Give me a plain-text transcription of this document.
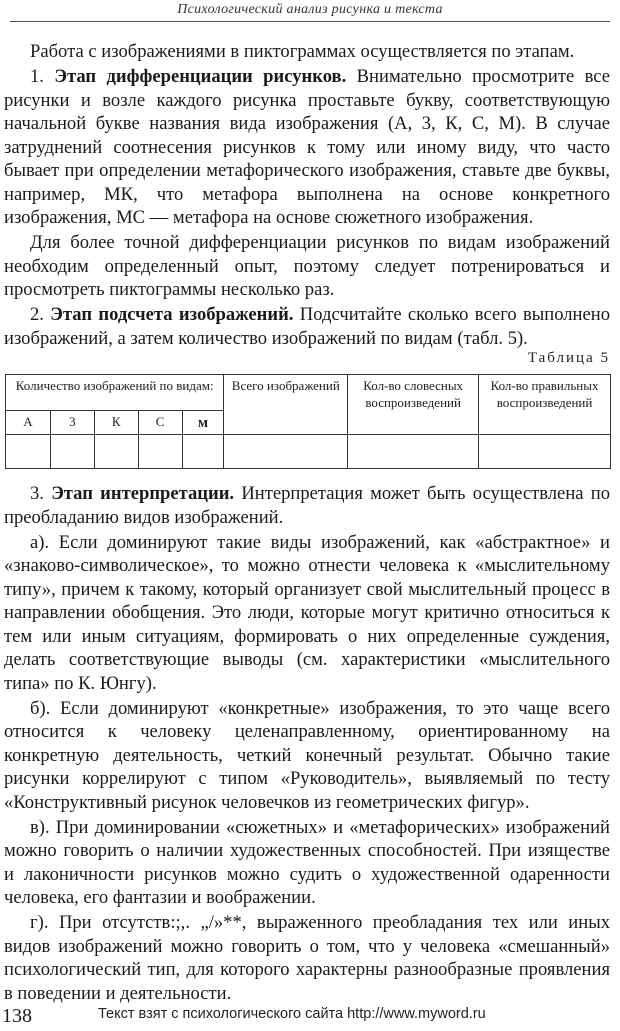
Психологический анализ рисунка и текста

Работа с изображениями в пиктограммах осуществляется по этапам.

1. Этап дифференциации рисунков. Внимательно просмотрите все рисунки и возле каждого рисунка проставьте букву, соответствующую начальной букве названия вида изображения (А, 3, К, С, М). В случае затруднений соотнесения рисунков к тому или иному виду, что часто бывает при определении метафорического изображения, ставьте две буквы, например, МК, что метафора выполнена на основе конкретного изображения, МС — метафора на основе сюжетного изображения.

Для более точной дифференциации рисунков по видам изображений необходим определенный опыт, поэтому следует потренироваться и просмотреть пиктограммы несколько раз.

2. Этап подсчета изображений. Подсчитайте сколько всего выполнено изображений, а затем количество изображений по видам (табл. 5).

Таблица 5
Количество изображений по видам:					Всего изображений	Кол-во словесных воспроизведений	Кол-во правильных воспроизведений
А	3	К	С	м			

3. Этап интерпретации. Интерпретация может быть осуществлена по преобладанию видов изображений.

а). Если доминируют такие виды изображений, как «абстрактное» и «знаково-символическое», то можно отнести человека к «мыслительному типу», причем к такому, который организует свой мыслительный процесс в направлении обобщения. Это люди, которые могут критично относиться к тем или иным ситуациям, формировать о них определенные суждения, делать соответствующие выводы (см. характеристики «мыслительного типа» по К. Юнгу).

б). Если доминируют «конкретные» изображения, то это чаще всего относится к человеку целенаправленному, ориентированному на конкретную деятельность, четкий конечный результат. Обычно такие рисунки коррелируют с типом «Руководитель», выявляемый по тесту «Конструктивный рисунок человечков из геометрических фигур».

в). При доминировании «сюжетных» и «метафорических» изображений можно говорить о наличии художественных способностей. При изяществе и лаконичности рисунков можно судить о художественной одаренности человека, его фантазии и воображении.

г). При отсутств:;,. „/»**, выраженного преобладания тех или иных видов изображений можно говорить о том, что у человека «смешанный» психологический тип, для которого характерны разнообразные проявления в поведении и деятельности.

138	Текст взят с психологического сайта http://www.myword.ru
